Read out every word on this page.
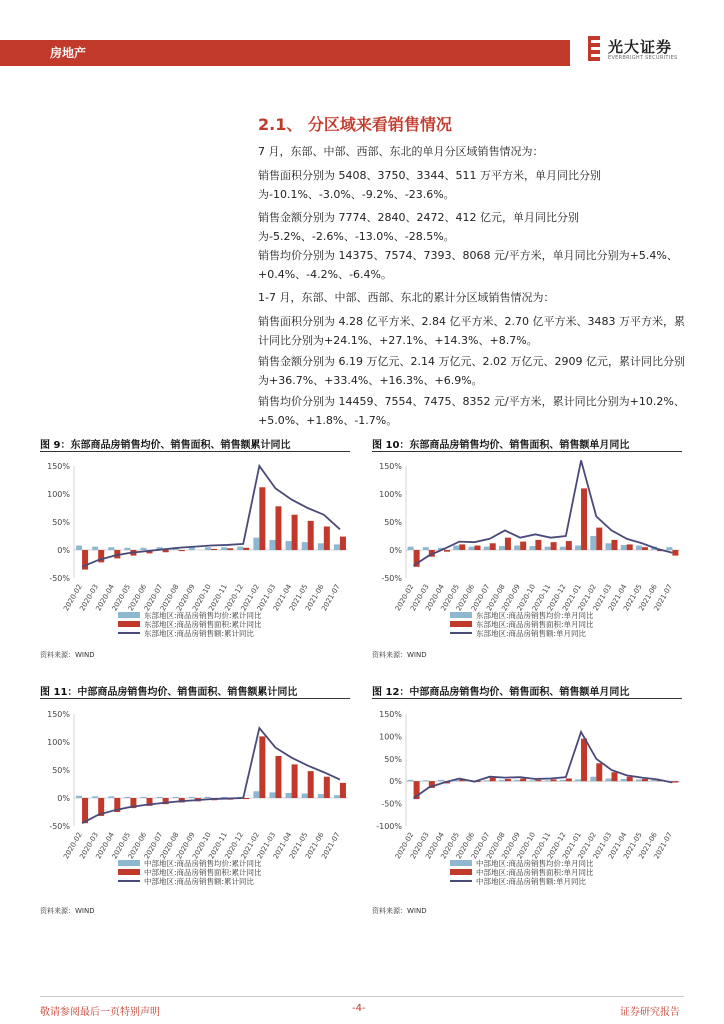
房地产	光大证券
EVERBRIGHT SECURITIES
2.1、 分区域来看销售情况
7 月，东部、中部、西部、东北的单月分区域销售情况为：
销售面积分别为 5408、3750、3344、511 万平方米，单月同比分别为-10.1%、-3.0%、-9.2%、-23.6%。
销售金额分别为 7774、2840、2472、412 亿元，单月同比分别为-5.2%、-2.6%、-13.0%、-28.5%。
销售均价分别为 14375、7574、7393、8068 元/平方米，单月同比分别为+5.4%、+0.4%、-4.2%、-6.4%。
1-7 月，东部、中部、西部、东北的累计分区域销售情况为：
销售面积分别为 4.28 亿平方米、2.84 亿平方米、2.70 亿平方米、3483 万平方米，累计同比分别为+24.1%、+27.1%、+14.3%、+8.7%。
销售金额分别为 6.19 万亿元、2.14 万亿元、2.02 万亿元、2909 亿元，累计同比分别为+36.7%、+33.4%、+16.3%、+6.9%。
销售均价分别为 14459、7554、7475、8352 元/平方米，累计同比分别为+10.2%、+5.0%、+1.8%、-1.7%。
图 9：东部商品房销售均价、销售面积、销售额累计同比	图 10：东部商品房销售均价、销售面积、销售额单月同比
图 11：中部商品房销售均价、销售面积、销售额累计同比	图 12：中部商品房销售均价、销售面积、销售额单月同比
150%
100%
50%
0%
-50%
2020-02
2020-03
2020-04
2020-05
2020-06
2020-07
2020-08
2020-09
2020-10
2020-11
2020-12
2021-02
2021-03
2021-04
2021-05
2021-06
2021-07
东部地区:商品房销售均价:累计同比
东部地区:商品房销售面积:累计同比
东部地区:商品房销售额:累计同比
150%
100%
50%
0%
-50%
2020-02
2020-03
2020-04
2020-05
2020-06
2020-07
2020-08
2020-09
2020-10
2020-11
2020-12
2021-01
2021-02
2021-03
2021-04
2021-05
2021-06
2021-07
东部地区:商品房销售均价:单月同比
东部地区:商品房销售面积:单月同比
东部地区:商品房销售额:单月同比
150%
100%
50%
0%
-50%
2020-02
2020-03
2020-04
2020-05
2020-06
2020-07
2020-08
2020-09
2020-10
2020-11
2020-12
2021-02
2021-03
2021-04
2021-05
2021-06
2021-07
中部地区:商品房销售均价:累计同比
中部地区:商品房销售面积:累计同比
中部地区:商品房销售额:累计同比
150%
100%
50%
0%
-50%
-100%
2020-02
2020-03
2020-04
2020-05
2020-06
2020-07
2020-08
2020-09
2020-10
2020-11
2020-12
2021-01
2021-02
2021-03
2021-04
2021-05
2021-06
2021-07
中部地区:商品房销售均价:单月同比
中部地区:商品房销售面积:单月同比
中部地区:商品房销售额:单月同比
资料来源：WIND	资料来源：WIND
资料来源：WIND	资料来源：WIND
敬请参阅最后一页特别声明	-4-	证券研究报告
